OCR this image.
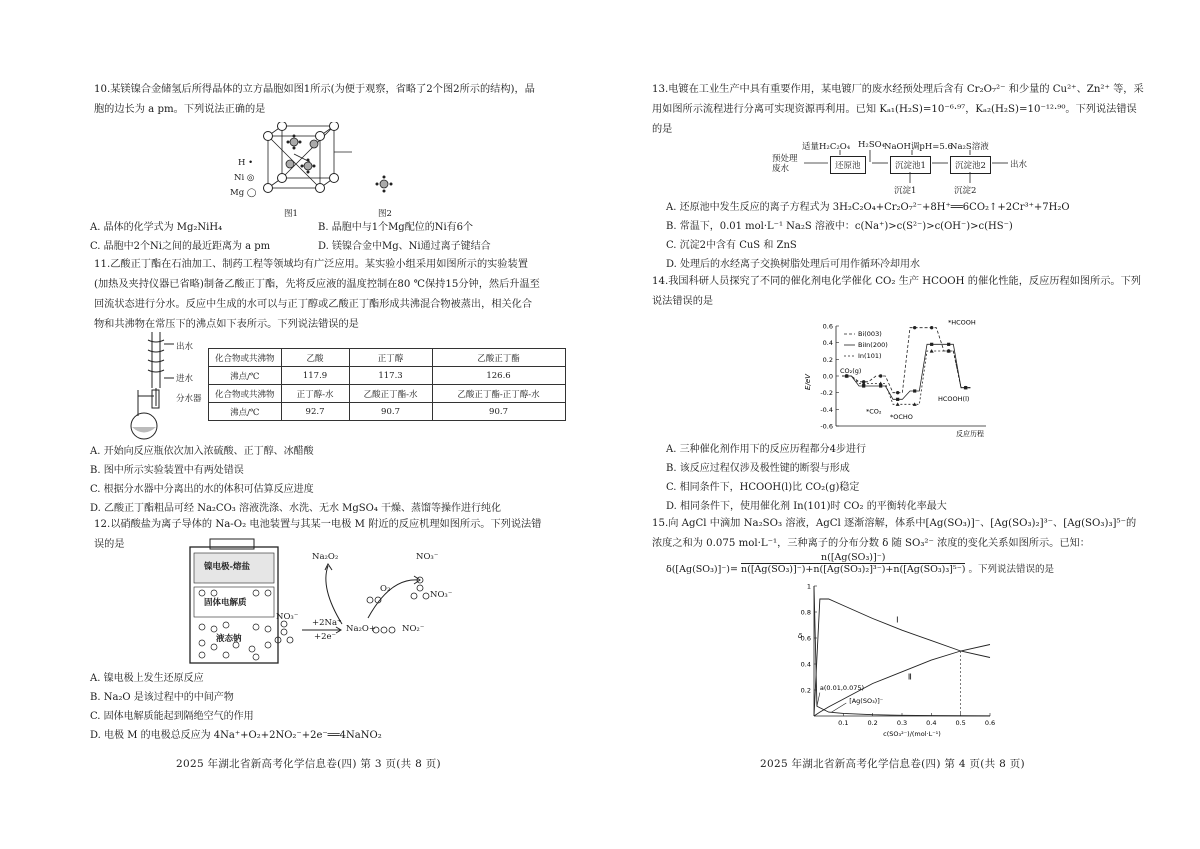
10.某镁镍合金储氢后所得晶体的立方晶胞如图1所示(为便于观察，省略了2个图2所示的结构)，晶胞的边长为 a pm。下列说法正确的是

H •
Ni ◎
Mg ◯
图1	图2
A. 晶体的化学式为 Mg₂NiH₄	B. 晶胞中与1个Mg配位的Ni有6个
C. 晶胞中2个Ni之间的最近距离为 a pm	D. 镁镍合金中Mg、Ni通过离子键结合

11.乙酸正丁酯在石油加工、制药工程等领域均有广泛应用。某实验小组采用如图所示的实验装置(加热及夹持仪器已省略)制备乙酸正丁酯，先将反应液的温度控制在80 ℃保持15分钟，然后升温至回流状态进行分水。反应中生成的水可以与正丁醇或乙酸正丁酯形成共沸混合物被蒸出，相关化合物和共沸物在常压下的沸点如下表所示。下列说法错误的是

出水
进水
分水器
化合物或共沸物	乙酸	正丁醇	乙酸正丁酯
沸点/℃	117.9	117.3	126.6
化合物或共沸物	正丁醇-水	乙酸正丁酯-水	乙酸正丁酯-正丁醇-水
沸点/℃	92.7	90.7	90.7
A. 开始向反应瓶依次加入浓硫酸、正丁醇、冰醋酸
B. 图中所示实验装置中有两处错误
C. 根据分水器中分离出的水的体积可估算反应进度
D. 乙酸正丁酯粗品可经 Na₂CO₃ 溶液洗涤、水洗、无水 MgSO₄ 干燥、蒸馏等操作进行纯化

12.以硝酸盐为离子导体的 Na-O₂ 电池装置与其某一电极 M 附近的反应机理如图所示。下列说法错误的是

镍电极-熔盐
固体电解质
液态钠
Na₂O₂
O₂
NO₃⁻
NO₃⁻
+2Na⁺
+2e⁻
Na₂O+	NO₂⁻
NO₃⁻
A. 镍电极上发生还原反应
B. Na₂O 是该过程中的中间产物
C. 固体电解质能起到隔绝空气的作用
D. 电极 M 的电极总反应为 4Na⁺+O₂+2NO₂⁻+2e⁻══4NaNO₂
2025 年湖北省新高考化学信息卷(四) 第 3 页(共 8 页)

13.电镀在工业生产中具有重要作用，某电镀厂的废水经预处理后含有 Cr₂O₇²⁻ 和少量的 Cu²⁺、Zn²⁺ 等，采用如图所示流程进行分离可实现资源再利用。已知 Kₐ₁(H₂S)=10⁻⁶·⁹⁷，Kₐ₂(H₂S)=10⁻¹²·⁹⁰。下列说法错误的是

适量H₂C₂O₄ H₂SO₄
NaOH调pH=5.6
Na₂S溶液
预处理废水	还原池	沉淀池1	沉淀池2	出水
沉淀1	沉淀2
A. 还原池中发生反应的离子方程式为 3H₂C₂O₄+Cr₂O₇²⁻+8H⁺══6CO₂↑+2Cr³⁺+7H₂O
B. 常温下，0.01 mol·L⁻¹ Na₂S 溶液中：c(Na⁺)>c(S²⁻)>c(OH⁻)>c(HS⁻)
C. 沉淀2中含有 CuS 和 ZnS
D. 处理后的水经离子交换树脂处理后可用作循环冷却用水

14.我国科研人员探究了不同的催化剂电化学催化 CO₂ 生产 HCOOH 的催化性能，反应历程如图所示。下列说法错误的是

0.6
0.4
0.2
0.0
-0.2
-0.4
-0.6
E/eV
反应历程
Bi(003)
BiIn(200)
In(101)
*HCOOH
CO₂(g)
*CO₂
*OCHO
HCOOH(l)
A. 三种催化剂作用下的反应历程都分4步进行
B. 该反应过程仅涉及极性键的断裂与形成
C. 相同条件下，HCOOH(l)比 CO₂(g)稳定
D. 相同条件下，使用催化剂 In(101)时 CO₂ 的平衡转化率最大

15.向 AgCl 中滴加 Na₂SO₃ 溶液，AgCl 逐渐溶解，体系中[Ag(SO₃)]⁻、[Ag(SO₃)₂]³⁻、[Ag(SO₃)₃]⁵⁻的浓度之和为 0.075 mol·L⁻¹，三种离子的分布分数 δ 随 SO₃²⁻ 浓度的变化关系如图所示。已知：

$\delta([Ag(SO_3)]^-)= \frac{\text{n([Ag(SO₃)]⁻)}}{\text{n([Ag(SO₃)]⁻)+n([Ag(SO₃)₂]³⁻)+n([Ag(SO₃)₃]⁵⁻)}}$ 。下列说法错误的是
0.1	0.2	0.3	0.4	0.5	0.6
0.2
0.4
0.6
0.8
1
δ
c(SO₃²⁻)/(mol·L⁻¹)
a(0.01,0.075)
[Ag(SO₃)]⁻
Ⅰ
Ⅱ
2025 年湖北省新高考化学信息卷(四) 第 4 页(共 8 页)
